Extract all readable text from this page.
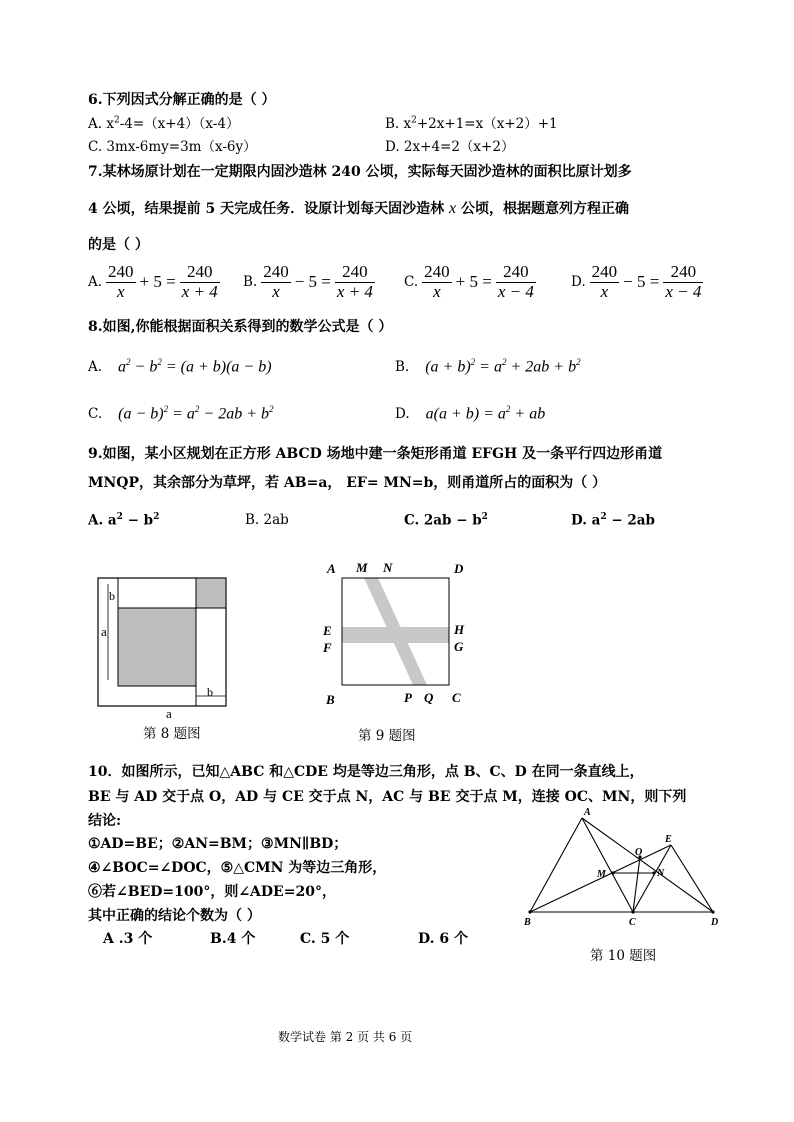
6.下列因式分解正确的是（ ）
A. $x^2-4=(x+4)(x-4)$	B. $x^2+2x+1=x(x+2)+1$
C. 3mx-6my=3m（x-6y）	D. 2x+4=2（x+2）
7.某林场原计划在一定期限内固沙造林 240 公顷，实际每天固沙造林的面积比原计划多
4 公顷，结果提前 5 天完成任务．设原计划每天固沙造林 x 公顷，根据题意列方程正确
的是（ ）
A. $\frac{240}{x} + 5 = \frac{240}{x + 4} B$. $\frac{240}{x} - 5 = \frac{240}{x + 4} C$. $\frac{240}{x} + 5 = \frac{240}{x - 4}$	D. $\frac{240}{x} - 5 = \frac{240}{x - 4}$
8.如图,你能根据面积关系得到的数学公式是（ ）
A. $a^2 - b^2 = (a + b)(a - b)$	B. $(a + b)^2 = a^2 + 2ab + b^2$
C. $(a - b)^2 = a^2 - 2ab + b^2$	D. $a(a + b) = a^2$ + ab
9.如图，某小区规划在正方形 ABCD 场地中建一条矩形甬道 EFGH 及一条平行四边形甬道
MNQP，其余部分为草坪，若 AB=a， EF= MN=b，则甬道所占的面积为（ ）
A. $a^2 - b^2$	B. 2ab	C. $2ab - b^2$	D. $a^2 - 2ab$
b
a
b
a
第 8 题图
A M N	D
E
F
H
G
B	P Q C
第 9 题图
10．如图所示，已知△ABC 和△CDE 均是等边三角形，点 B、C、D 在同一条直线上，
BE 与 AD 交于点 O，AD 与 CE 交于点 N，AC 与 BE 交于点 M，连接 OC、MN，则下列
结论:
①AD=BE；②AN=BM；③MN∥BD；
④∠BOC=∠DOC，⑤△CMN 为等边三角形，
⑥若∠BED=100°，则∠ADE=20°，
其中正确的结论个数为（ ）
A .3 个	B.4 个	C. 5 个	D. 6 个
A
E
O
M	N
B	C	D
第 10 题图
数学试卷 第 2 页 共 6 页
